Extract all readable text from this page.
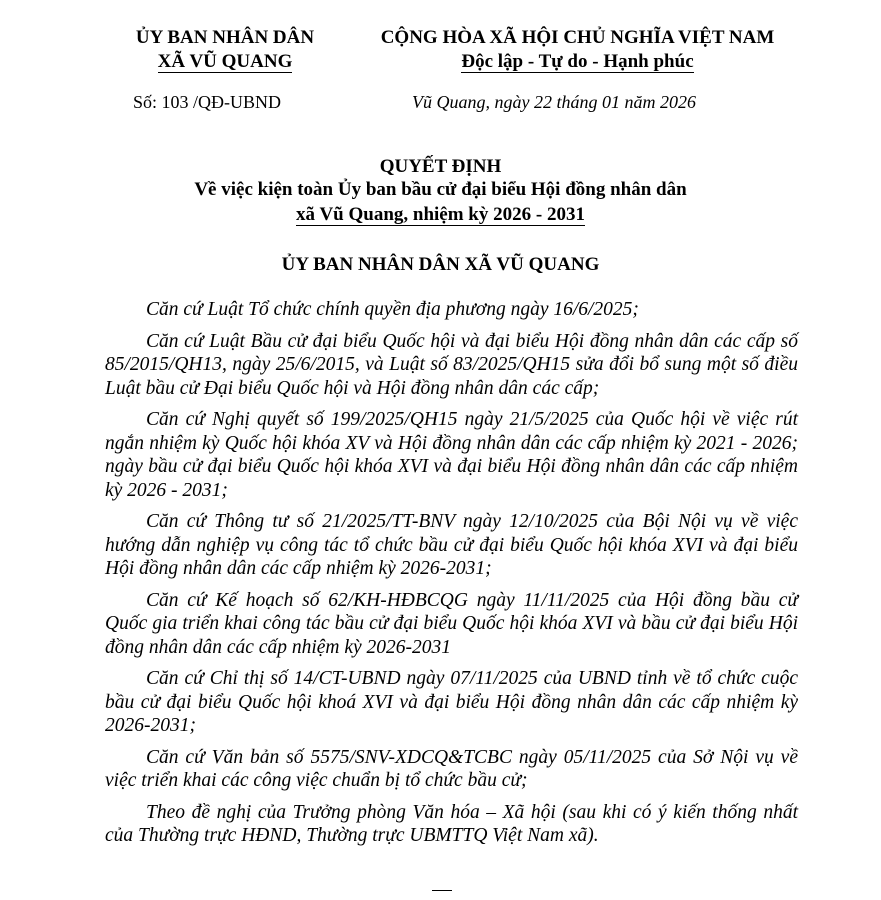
ỦY BAN NHÂN DÂN
XÃ VŨ QUANG
CỘNG HÒA XÃ HỘI CHỦ NGHĨA VIỆT NAM
Độc lập - Tự do - Hạnh phúc
Số: 103 /QĐ-UBND	Vũ Quang, ngày 22 tháng 01 năm 2026
QUYẾT ĐỊNH
Về việc kiện toàn Ủy ban bầu cử đại biểu Hội đồng nhân dân
xã Vũ Quang, nhiệm kỳ 2026 - 2031
ỦY BAN NHÂN DÂN XÃ VŨ QUANG

Căn cứ Luật Tổ chức chính quyền địa phương ngày 16/6/2025;

Căn cứ Luật Bầu cử đại biểu Quốc hội và đại biểu Hội đồng nhân dân các cấp số 85/2015/QH13, ngày 25/6/2015, và Luật số 83/2025/QH15 sửa đổi bổ sung một số điều Luật bầu cử Đại biểu Quốc hội và Hội đồng nhân dân các cấp;

Căn cứ Nghị quyết số 199/2025/QH15 ngày 21/5/2025 của Quốc hội về việc rút ngắn nhiệm kỳ Quốc hội khóa XV và Hội đồng nhân dân các cấp nhiệm kỳ 2021 - 2026; ngày bầu cử đại biểu Quốc hội khóa XVI và đại biểu Hội đồng nhân dân các cấp nhiệm kỳ 2026 - 2031;

Căn cứ Thông tư số 21/2025/TT-BNV ngày 12/10/2025 của Bội Nội vụ về việc hướng dẫn nghiệp vụ công tác tổ chức bầu cử đại biểu Quốc hội khóa XVI và đại biểu Hội đồng nhân dân các cấp nhiệm kỳ 2026-2031;

Căn cứ Kế hoạch số 62/KH-HĐBCQG ngày 11/11/2025 của Hội đồng bầu cử Quốc gia triển khai công tác bầu cử đại biểu Quốc hội khóa XVI và bầu cử đại biểu Hội đồng nhân dân các cấp nhiệm kỳ 2026-2031

Căn cứ Chỉ thị số 14/CT-UBND ngày 07/11/2025 của UBND tỉnh về tổ chức cuộc bầu cử đại biểu Quốc hội khoá XVI và đại biểu Hội đồng nhân dân các cấp nhiệm kỳ 2026-2031;

Căn cứ Văn bản số 5575/SNV-XDCQ&TCBC ngày 05/11/2025 của Sở Nội vụ về việc triển khai các công việc chuẩn bị tổ chức bầu cử;

Theo đề nghị của Trưởng phòng Văn hóa – Xã hội (sau khi có ý kiến thống nhất của Thường trực HĐND, Thường trực UBMTTQ Việt Nam xã).
